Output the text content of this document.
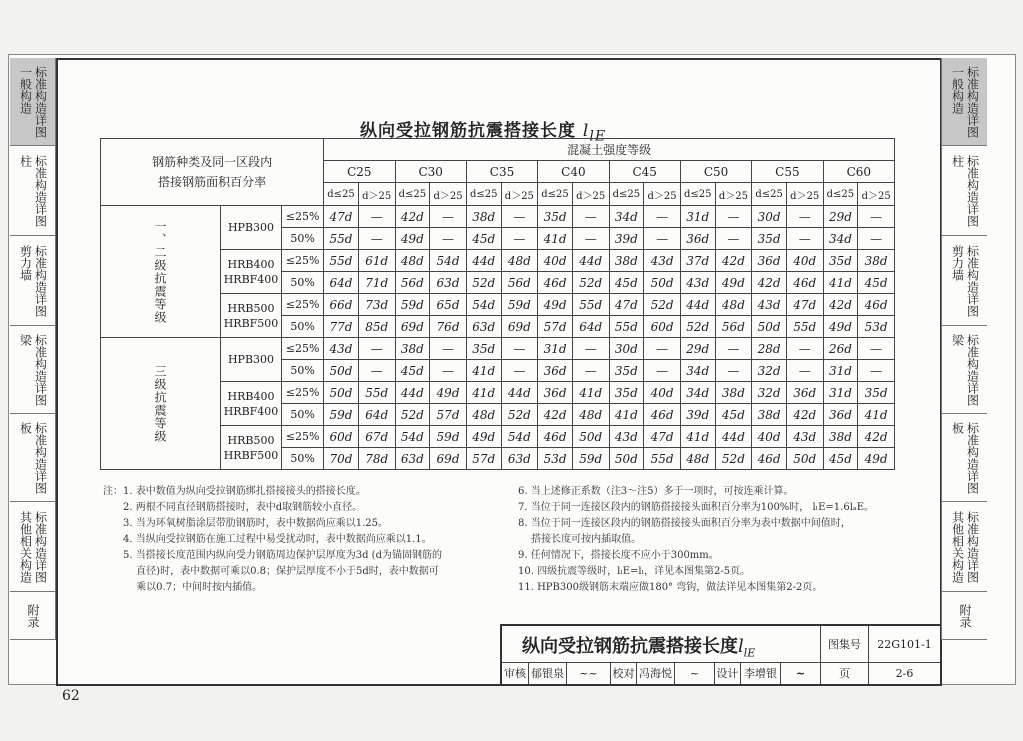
标准构造详图
一般构造
标准构造详图
柱
标准构造详图
剪力墙
标准构造详图
梁
标准构造详图
板
标准构造详图
其他相关构造
附录
标准构造详图
一般构造
标准构造详图
柱
标准构造详图
剪力墙
标准构造详图
梁
标准构造详图
板
标准构造详图
其他相关构造
附录
纵向受拉钢筋抗震搭接长度 $l_{lE}$
钢筋种类及同一区段内
搭接钢筋面积百分率			混凝土强度等级															
			C25		C30		C35		C40		C45		C50		C55		C60	
			d≤25	d＞25	d≤25	d＞25	d≤25	d＞25	d≤25	d＞25	d≤25	d＞25	d≤25	d＞25	d≤25	d＞25	d≤25	d＞25
一、二级抗震等级	HPB300	≤25%	47d	—	42d	—	38d	—	35d	—	34d	—	31d	—	30d	—	29d	—
		50%	55d	—	49d	—	45d	—	41d	—	39d	—	36d	—	35d	—	34d	—
	HRB400
HRBF400	≤25%	55d	61d	48d	54d	44d	48d	40d	44d	38d	43d	37d	42d	36d	40d	35d	38d
		50%	64d	71d	56d	63d	52d	56d	46d	52d	45d	50d	43d	49d	42d	46d	41d	45d
	HRB500
HRBF500	≤25%	66d	73d	59d	65d	54d	59d	49d	55d	47d	52d	44d	48d	43d	47d	42d	46d
		50%	77d	85d	69d	76d	63d	69d	57d	64d	55d	60d	52d	56d	50d	55d	49d	53d
三级抗震等级	HPB300	≤25%	43d	—	38d	—	35d	—	31d	—	30d	—	29d	—	28d	—	26d	—
		50%	50d	—	45d	—	41d	—	36d	—	35d	—	34d	—	32d	—	31d	—
	HRB400
HRBF400	≤25%	50d	55d	44d	49d	41d	44d	36d	41d	35d	40d	34d	38d	32d	36d	31d	35d
		50%	59d	64d	52d	57d	48d	52d	42d	48d	41d	46d	39d	45d	38d	42d	36d	41d
	HRB500
HRBF500	≤25%	60d	67d	54d	59d	49d	54d	46d	50d	43d	47d	41d	44d	40d	43d	38d	42d
		50%	70d	78d	63d	69d	57d	63d	53d	59d	50d	55d	48d	52d	46d	50d	45d	49d
注：1. 表中数值为纵向受拉钢筋绑扎搭接接头的搭接长度。
　　2. 两根不同直径钢筋搭接时，表中d取钢筋较小直径。
　　3. 当为环氧树脂涂层带肋钢筋时，表中数据尚应乘以1.25。
　　4. 当纵向受拉钢筋在施工过程中易受扰动时，表中数据尚应乘以1.1。
　　5. 当搭接长度范围内纵向受力钢筋周边保护层厚度为3d (d为锚固钢筋的
　　　 直径)时，表中数据可乘以0.8；保护层厚度不小于5d时，表中数据可
　　　 乘以0.7；中间时按内插值。
6. 当上述修正系数（注3～注5）多于一项时，可按连乘计算。
7. 当位于同一连接区段内的钢筋搭接接头面积百分率为100%时， lₗE=1.6lₐE。
8. 当位于同一连接区段内的钢筋搭接接头面积百分率为表中数据中间值时，
　 搭接长度可按内插取值。
9. 任何情况下，搭接长度不应小于300mm。
10. 四级抗震等级时，lₗE=lₗ，详见本图集第2-5页。
11. HPB300级钢筋末端应做180° 弯钩，做法详见本图集第2-2页。
纵向受拉钢筋抗震搭接长度$l_{lE}$
图集号	22G101-1
审核 郁银泉	~~	校对 冯海悦	~	设计 李增银	~	页	2-6
62
